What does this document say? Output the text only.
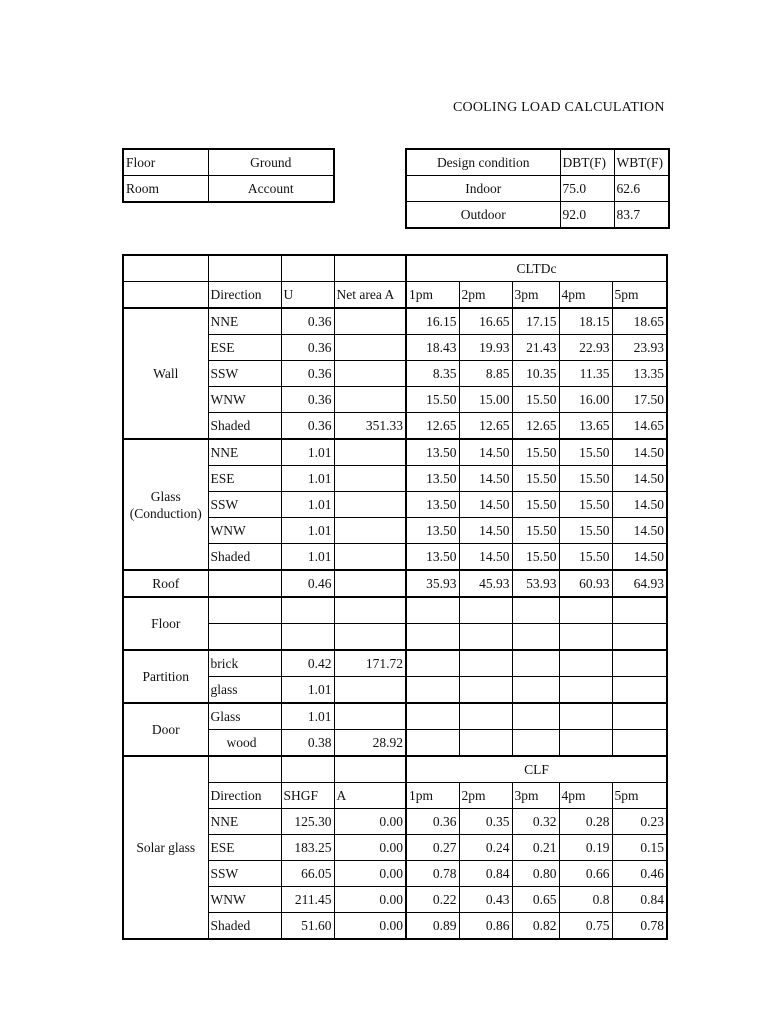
COOLING LOAD CALCULATION
Floor	Ground
Room	Account
Design condition	DBT(F)	WBT(F)
Indoor	75.0	62.6
Outdoor	92.0	83.7
				CLTDc				
	Direction	U	Net area A	1pm	2pm	3pm	4pm	5pm
Wall	NNE	0.36		16.15	16.65	17.15	18.15	18.65
	ESE	0.36		18.43	19.93	21.43	22.93	23.93
	SSW	0.36		8.35	8.85	10.35	11.35	13.35
	WNW	0.36		15.50	15.00	15.50	16.00	17.50
	Shaded	0.36	351.33	12.65	12.65	12.65	13.65	14.65

Glass
(Conduction)	NNE	1.01		13.50	14.50	15.50	15.50	14.50
	ESE	1.01		13.50	14.50	15.50	15.50	14.50
	SSW	1.01		13.50	14.50	15.50	15.50	14.50
	WNW	1.01		13.50	14.50	15.50	15.50	14.50
	Shaded	1.01		13.50	14.50	15.50	15.50	14.50
Roof		0.46		35.93	45.93	53.93	60.93	64.93
Floor								

Partition	brick	0.42	171.72					
	glass	1.01						
Door	Glass	1.01						
	wood	0.38	28.92					
Solar glass				CLF				
	Direction	SHGF	A	1pm	2pm	3pm	4pm	5pm
	NNE	125.30	0.00	0.36	0.35	0.32	0.28	0.23
	ESE	183.25	0.00	0.27	0.24	0.21	0.19	0.15
	SSW	66.05	0.00	0.78	0.84	0.80	0.66	0.46
	WNW	211.45	0.00	0.22	0.43	0.65	0.8	0.84
	Shaded	51.60	0.00	0.89	0.86	0.82	0.75	0.78
